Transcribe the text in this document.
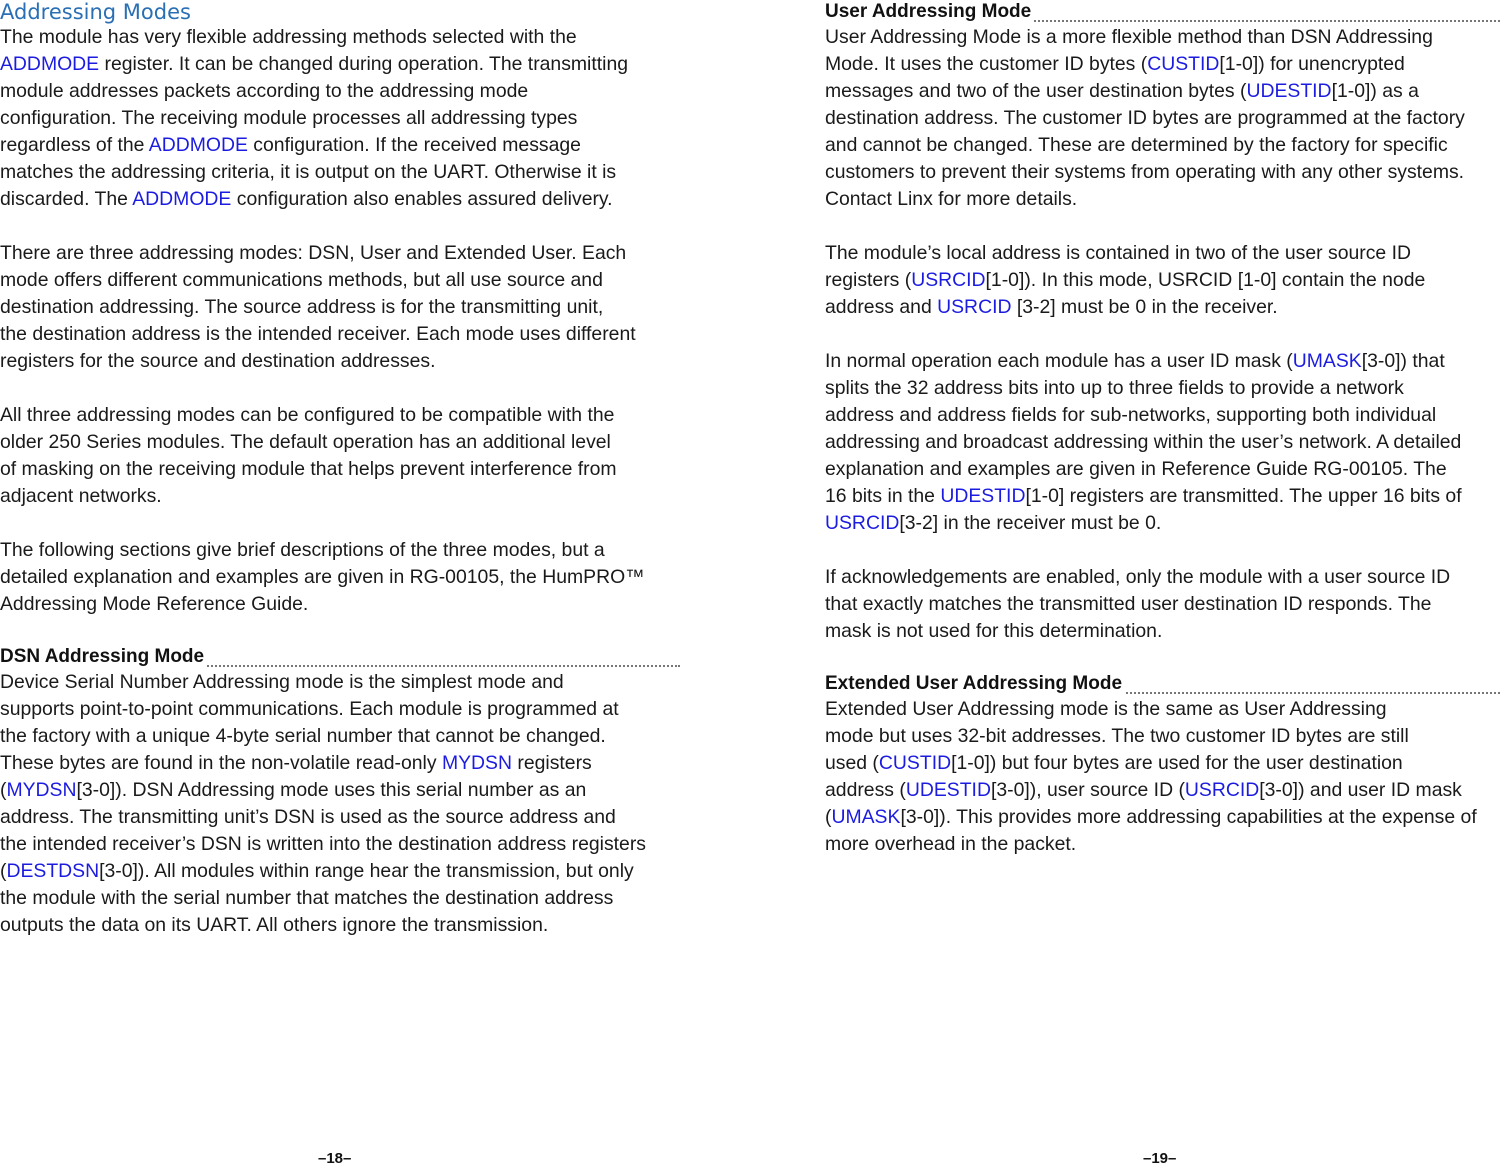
Addressing Modes

The module has very flexible addressing methods selected with the
ADDMODE register. It can be changed during operation. The transmitting
module addresses packets according to the addressing mode
configuration. The receiving module processes all addressing types
regardless of the ADDMODE configuration. If the received message
matches the addressing criteria, it is output on the UART. Otherwise it is
discarded. The ADDMODE configuration also enables assured delivery.

There are three addressing modes: DSN, User and Extended User. Each
mode offers different communications methods, but all use source and
destination addressing. The source address is for the transmitting unit,
the destination address is the intended receiver. Each mode uses different
registers for the source and destination addresses.

All three addressing modes can be configured to be compatible with the
older 250 Series modules. The default operation has an additional level
of masking on the receiving module that helps prevent interference from
adjacent networks.

The following sections give brief descriptions of the three modes, but a
detailed explanation and examples are given in RG-00105, the HumPRO™
Addressing Mode Reference Guide.

DSN Addressing Mode

Device Serial Number Addressing mode is the simplest mode and
supports point-to-point communications. Each module is programmed at
the factory with a unique 4-byte serial number that cannot be changed.
These bytes are found in the non-volatile read-only MYDSN registers
(MYDSN[3-0]). DSN Addressing mode uses this serial number as an
address. The transmitting unit’s DSN is used as the source address and
the intended receiver’s DSN is written into the destination address registers
(DESTDSN[3-0]). All modules within range hear the transmission, but only
the module with the serial number that matches the destination address
outputs the data on its UART. All others ignore the transmission.

User Addressing Mode

User Addressing Mode is a more flexible method than DSN Addressing
Mode. It uses the customer ID bytes (CUSTID[1-0]) for unencrypted
messages and two of the user destination bytes (UDESTID[1-0]) as a
destination address. The customer ID bytes are programmed at the factory
and cannot be changed. These are determined by the factory for specific
customers to prevent their systems from operating with any other systems.
Contact Linx for more details.

The module’s local address is contained in two of the user source ID
registers (USRCID[1-0]). In this mode, USRCID [1-0] contain the node
address and USRCID [3-2] must be 0 in the receiver.

In normal operation each module has a user ID mask (UMASK[3-0]) that
splits the 32 address bits into up to three fields to provide a network
address and address fields for sub-networks, supporting both individual
addressing and broadcast addressing within the user’s network. A detailed
explanation and examples are given in Reference Guide RG-00105. The
16 bits in the UDESTID[1-0] registers are transmitted. The upper 16 bits of
USRCID[3-2] in the receiver must be 0.

If acknowledgements are enabled, only the module with a user source ID
that exactly matches the transmitted user destination ID responds. The
mask is not used for this determination.

Extended User Addressing Mode

Extended User Addressing mode is the same as User Addressing
mode but uses 32-bit addresses. The two customer ID bytes are still
used (CUSTID[1-0]) but four bytes are used for the user destination
address (UDESTID[3-0]), user source ID (USRCID[3-0]) and user ID mask
(UMASK[3-0]). This provides more addressing capabilities at the expense of
more overhead in the packet.

–18–	–19–
